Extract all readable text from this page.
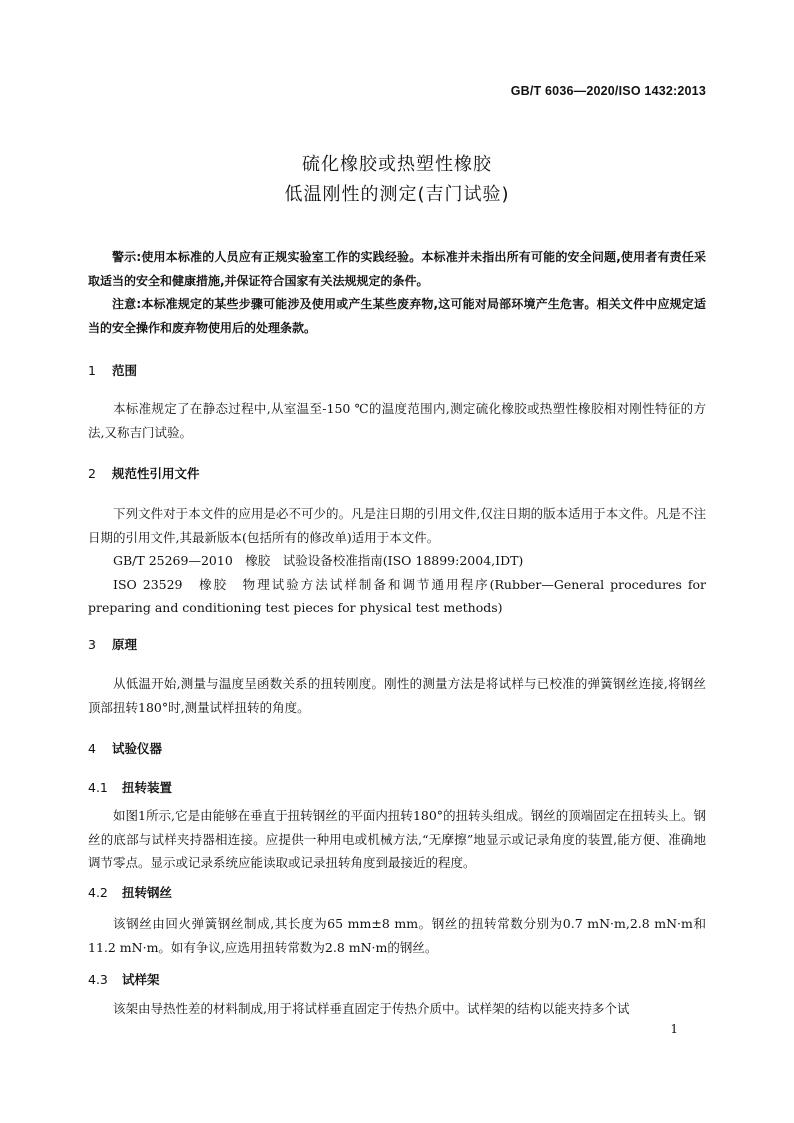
GB/T 6036—2020/ISO 1432:2013
硫化橡胶或热塑性橡胶
低温刚性的测定(吉门试验)

警示:使用本标准的人员应有正规实验室工作的实践经验。本标准并未指出所有可能的安全问题,使用者有责任采取适当的安全和健康措施,并保证符合国家有关法规规定的条件。

注意:本标准规定的某些步骤可能涉及使用或产生某些废弃物,这可能对局部环境产生危害。相关文件中应规定适当的安全操作和废弃物使用后的处理条款。

1 范围

本标准规定了在静态过程中,从室温至-150 ℃的温度范围内,测定硫化橡胶或热塑性橡胶相对刚性特征的方法,又称吉门试验。

2 规范性引用文件

下列文件对于本文件的应用是必不可少的。凡是注日期的引用文件,仅注日期的版本适用于本文件。凡是不注日期的引用文件,其最新版本(包括所有的修改单)适用于本文件。

GB/T 25269—2010　橡胶　试验设备校准指南(ISO 18899:2004,IDT)

ISO 23529　橡胶　物理试验方法试样制备和调节通用程序(Rubber—General procedures for preparing and conditioning test pieces for physical test methods)

3 原理

从低温开始,测量与温度呈函数关系的扭转刚度。刚性的测量方法是将试样与已校准的弹簧钢丝连接,将钢丝顶部扭转180°时,测量试样扭转的角度。

4 试验仪器
4.1 扭转装置

如图1所示,它是由能够在垂直于扭转钢丝的平面内扭转180°的扭转头组成。钢丝的顶端固定在扭转头上。钢丝的底部与试样夹持器相连接。应提供一种用电或机械方法,“无摩擦”地显示或记录角度的装置,能方便、准确地调节零点。显示或记录系统应能读取或记录扭转角度到最接近的程度。

4.2 扭转钢丝

该钢丝由回火弹簧钢丝制成,其长度为65 mm±8 mm。钢丝的扭转常数分别为0.7 mN·m,2.8 mN·m和11.2 mN·m。如有争议,应选用扭转常数为2.8 mN·m的钢丝。

4.3 试样架

该架由导热性差的材料制成,用于将试样垂直固定于传热介质中。试样架的结构以能夹持多个试

1
